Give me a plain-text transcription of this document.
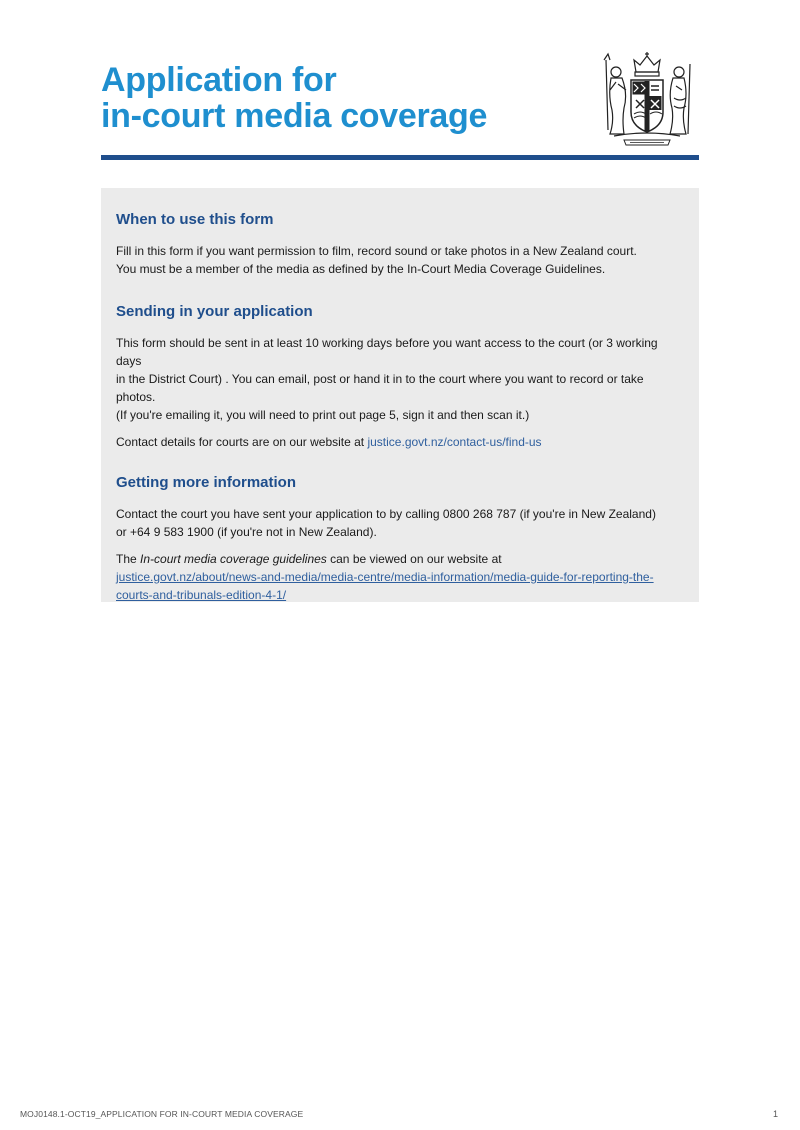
Application for
in-court media coverage
When to use this form

Fill in this form if you want permission to film, record sound or take photos in a New Zealand court.
You must be a member of the media as defined by the In-Court Media Coverage Guidelines.

Sending in your application

This form should be sent in at least 10 working days before you want access to the court (or 3 working days
in the District Court) . You can email, post or hand it in to the court where you want to record or take photos.
(If you're emailing it, you will need to print out page 5, sign it and then scan it.)

Contact details for courts are on our website at justice.govt.nz/contact-us/find-us

Getting more information

Contact the court you have sent your application to by calling 0800 268 787 (if you're in New Zealand)
or +64 9 583 1900 (if you're not in New Zealand).

The In-court media coverage guidelines can be viewed on our website at
justice.govt.nz/about/news-and-media/media-centre/media-information/media-guide-for-reporting-the-
courts-and-tribunals-edition-4-1/

MOJ0148.1-OCT19_APPLICATION FOR IN-COURT MEDIA COVERAGE	1
